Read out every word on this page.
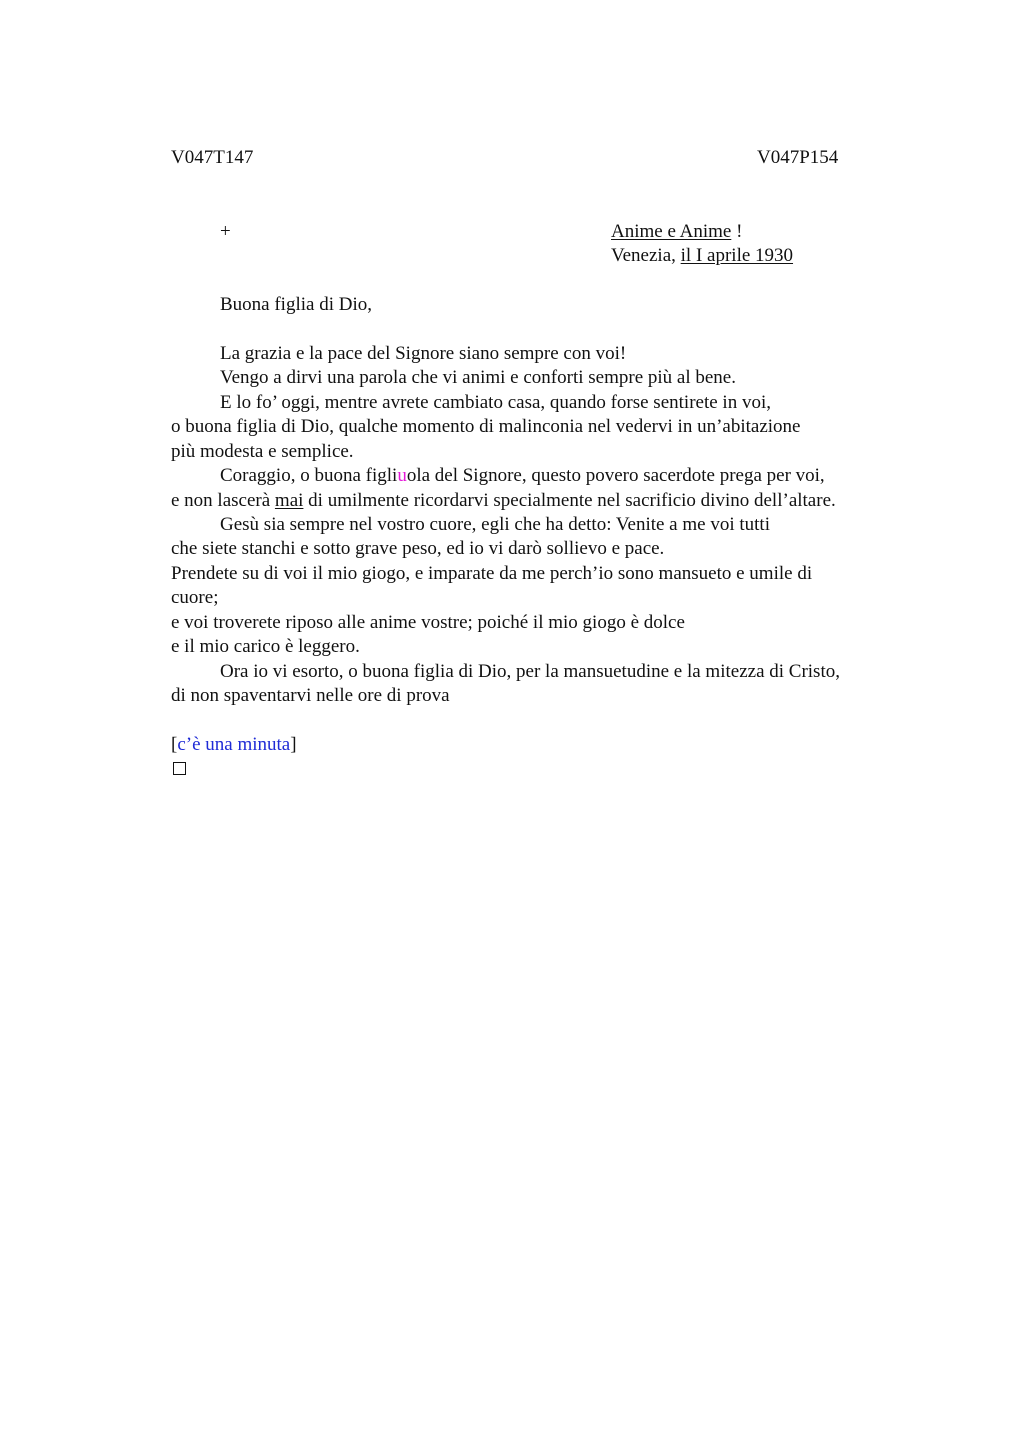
V047T147	V047P154
+	Anime e Anime !
Venezia, il I aprile 1930
Buona figlia di Dio,
La grazia e la pace del Signore siano sempre con voi!
Vengo a dirvi una parola che vi animi e conforti sempre più al bene.
E lo fo’ oggi, mentre avrete cambiato casa, quando forse sentirete in voi,
o buona figlia di Dio, qualche momento di malinconia nel vedervi in un’abitazione
più modesta e semplice.
Coraggio, o buona figliuola del Signore, questo povero sacerdote prega per voi,
e non lascerà mai di umilmente ricordarvi specialmente nel sacrificio divino dell’altare.
Gesù sia sempre nel vostro cuore, egli che ha detto: Venite a me voi tutti
che siete stanchi e sotto grave peso, ed io vi darò sollievo e pace.
Prendete su di voi il mio giogo, e imparate da me perch’io sono mansueto e umile di
cuore;
e voi troverete riposo alle anime vostre; poiché il mio giogo è dolce
e il mio carico è leggero.
Ora io vi esorto, o buona figlia di Dio, per la mansuetudine e la mitezza di Cristo,
di non spaventarvi nelle ore di prova
[c’è una minuta]
